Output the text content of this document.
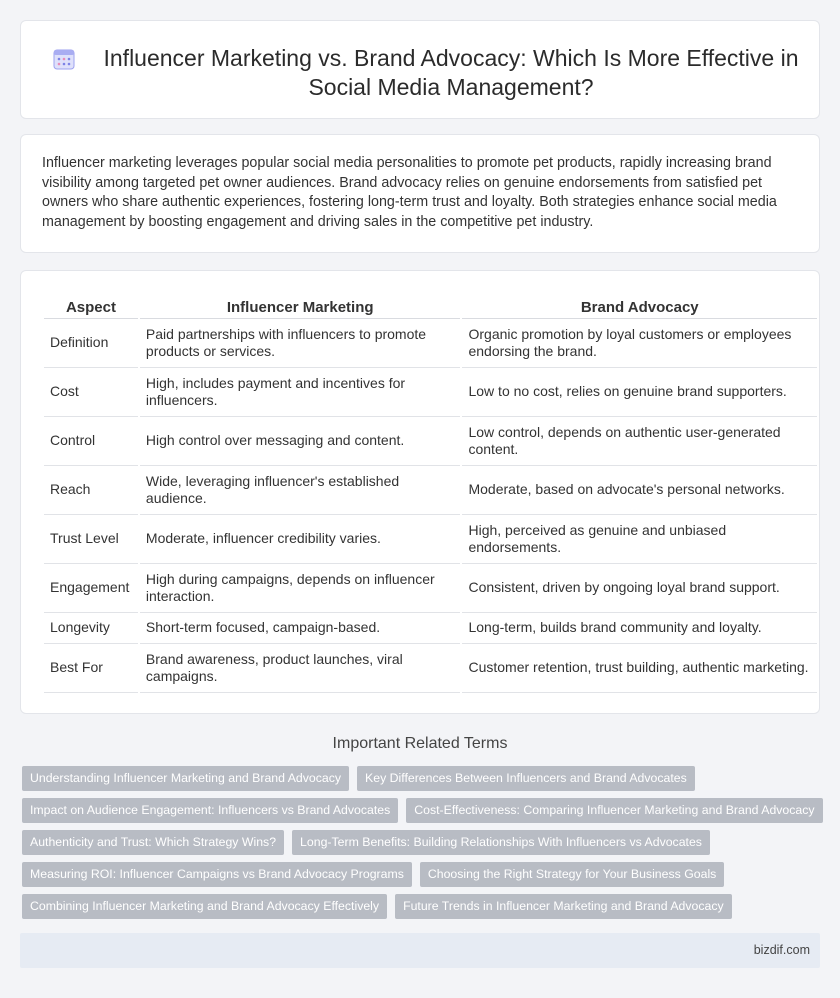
Influencer Marketing vs. Brand Advocacy: Which Is More Effective in Social Media Management?

Influencer marketing leverages popular social media personalities to promote pet products, rapidly increasing brand visibility among targeted pet owner audiences. Brand advocacy relies on genuine endorsements from satisfied pet owners who share authentic experiences, fostering long-term trust and loyalty. Both strategies enhance social media management by boosting engagement and driving sales in the competitive pet industry.

Aspect	Influencer Marketing	Brand Advocacy
Definition	Paid partnerships with influencers to promote products or services.	Organic promotion by loyal customers or employees endorsing the brand.
Cost	High, includes payment and incentives for influencers.	Low to no cost, relies on genuine brand supporters.
Control	High control over messaging and content.	Low control, depends on authentic user-generated content.
Reach	Wide, leveraging influencer's established audience.	Moderate, based on advocate's personal networks.
Trust Level	Moderate, influencer credibility varies.	High, perceived as genuine and unbiased endorsements.
Engagement	High during campaigns, depends on influencer interaction.	Consistent, driven by ongoing loyal brand support.
Longevity	Short-term focused, campaign-based.	Long-term, builds brand community and loyalty.
Best For	Brand awareness, product launches, viral campaigns.	Customer retention, trust building, authentic marketing.
Important Related Terms
Understanding Influencer Marketing and Brand Advocacy	Key Differences Between Influencers and Brand Advocates
Impact on Audience Engagement: Influencers vs Brand Advocates	Cost-Effectiveness: Comparing Influencer Marketing and Brand Advocacy
Authenticity and Trust: Which Strategy Wins?	Long-Term Benefits: Building Relationships With Influencers vs Advocates
Measuring ROI: Influencer Campaigns vs Brand Advocacy Programs	Choosing the Right Strategy for Your Business Goals
Combining Influencer Marketing and Brand Advocacy Effectively	Future Trends in Influencer Marketing and Brand Advocacy
bizdif.com
